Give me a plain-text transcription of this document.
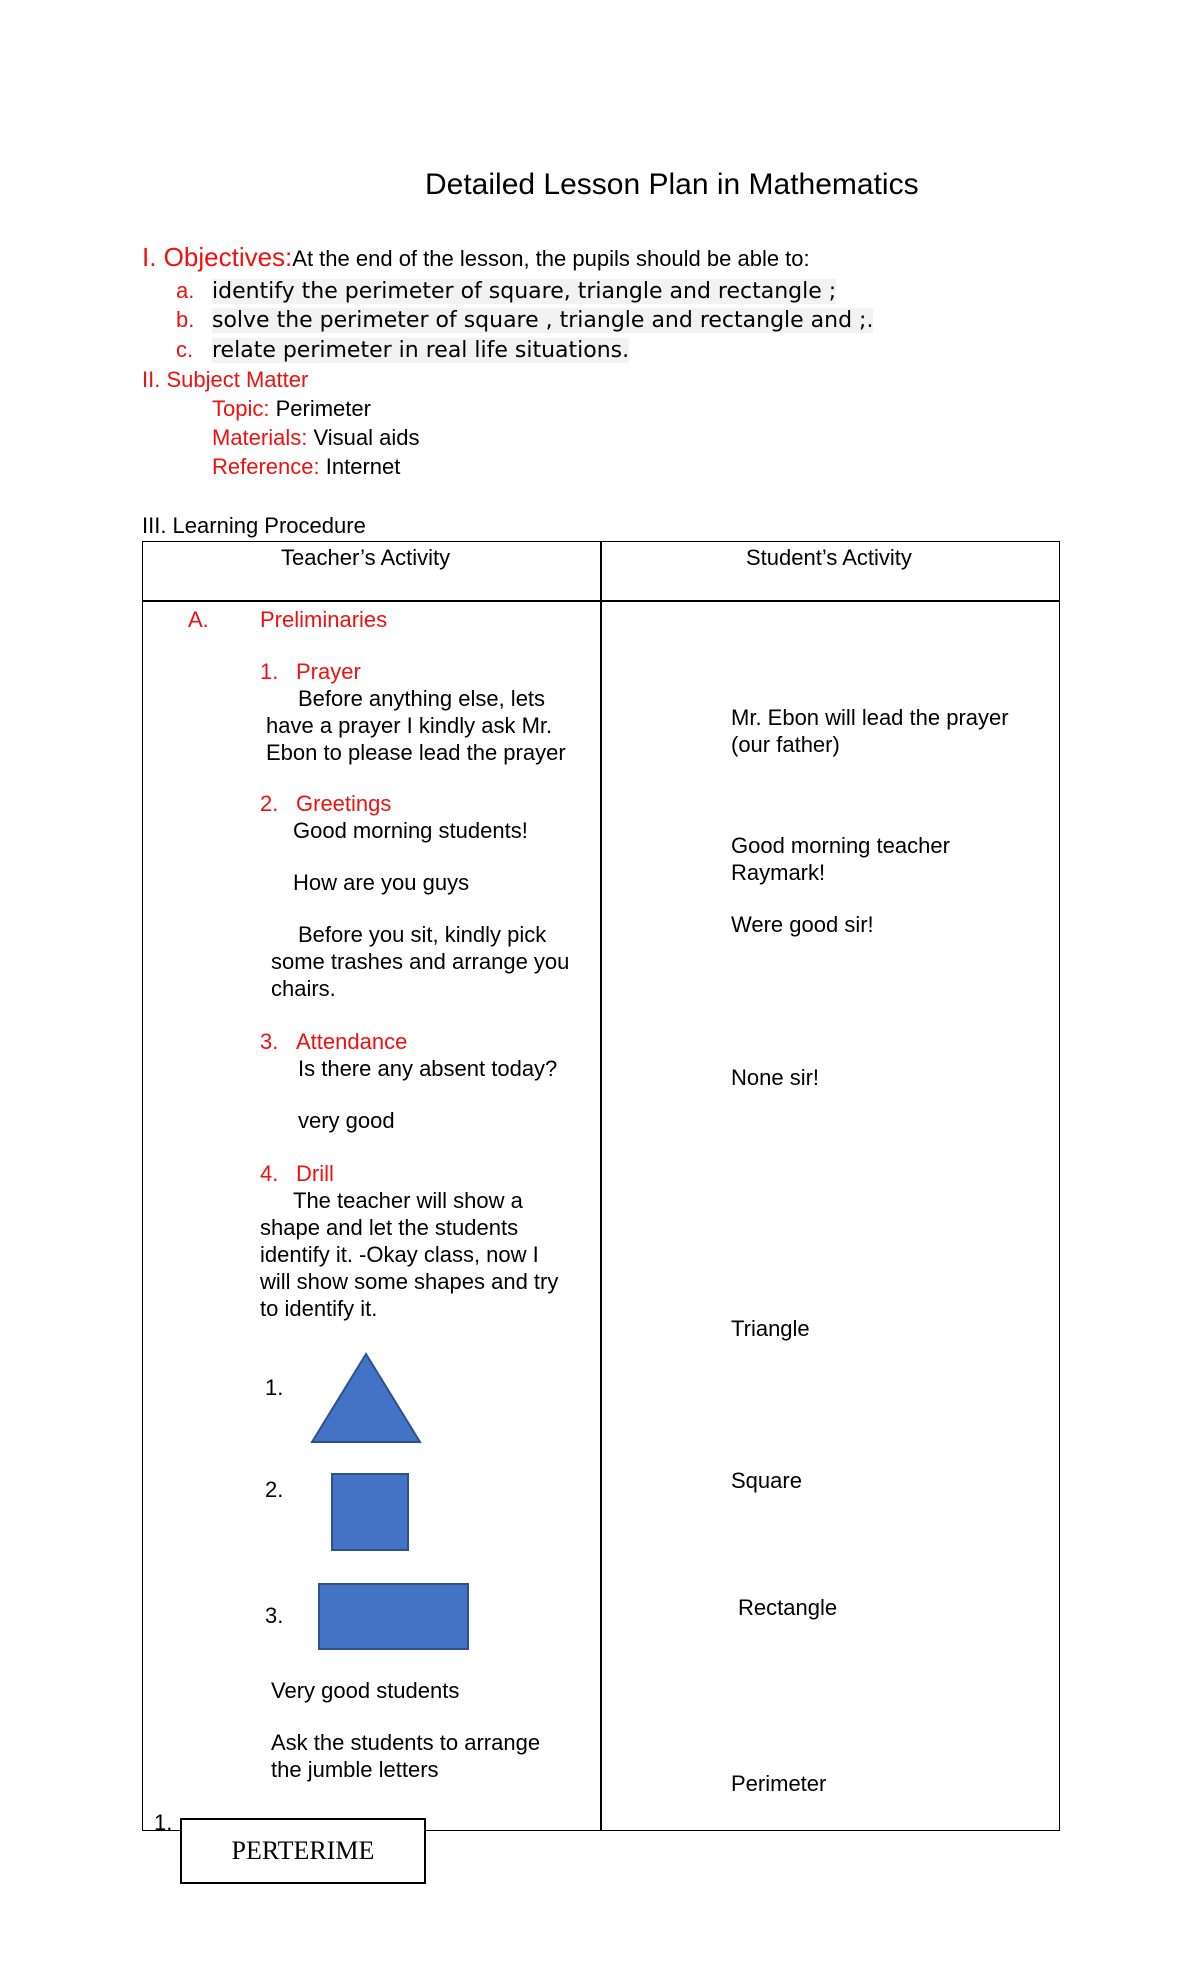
Detailed Lesson Plan in Mathematics
I. Objectives:At the end of the lesson, the pupils should be able to:
a. identify the perimeter of square, triangle and rectangle ;
b. solve the perimeter of square , triangle and rectangle and ;.
c. relate perimeter in real life situations.
II. Subject Matter
Topic: Perimeter
Materials: Visual aids
Reference: Internet
III. Learning Procedure
Teacher’s Activity	Student’s Activity
A. Preliminaries
1. Prayer
Before anything else, lets
have a prayer I kindly ask Mr.
Ebon to please lead the prayer
2. Greetings
Good morning students!
How are you guys
Before you sit, kindly pick
some trashes and arrange you
chairs.
3. Attendance
Is there any absent today?
very good
4. Drill
The teacher will show a
shape and let the students
identify it. -Okay class, now I
will show some shapes and try
to identify it.
1.
2.
3.
Very good students
Ask the students to arrange
the jumble letters
1.
PERTERIME
Mr. Ebon will lead the prayer
(our father)
Good morning teacher
Raymark!
Were good sir!
None sir!
Triangle
Square
Rectangle
Perimeter
